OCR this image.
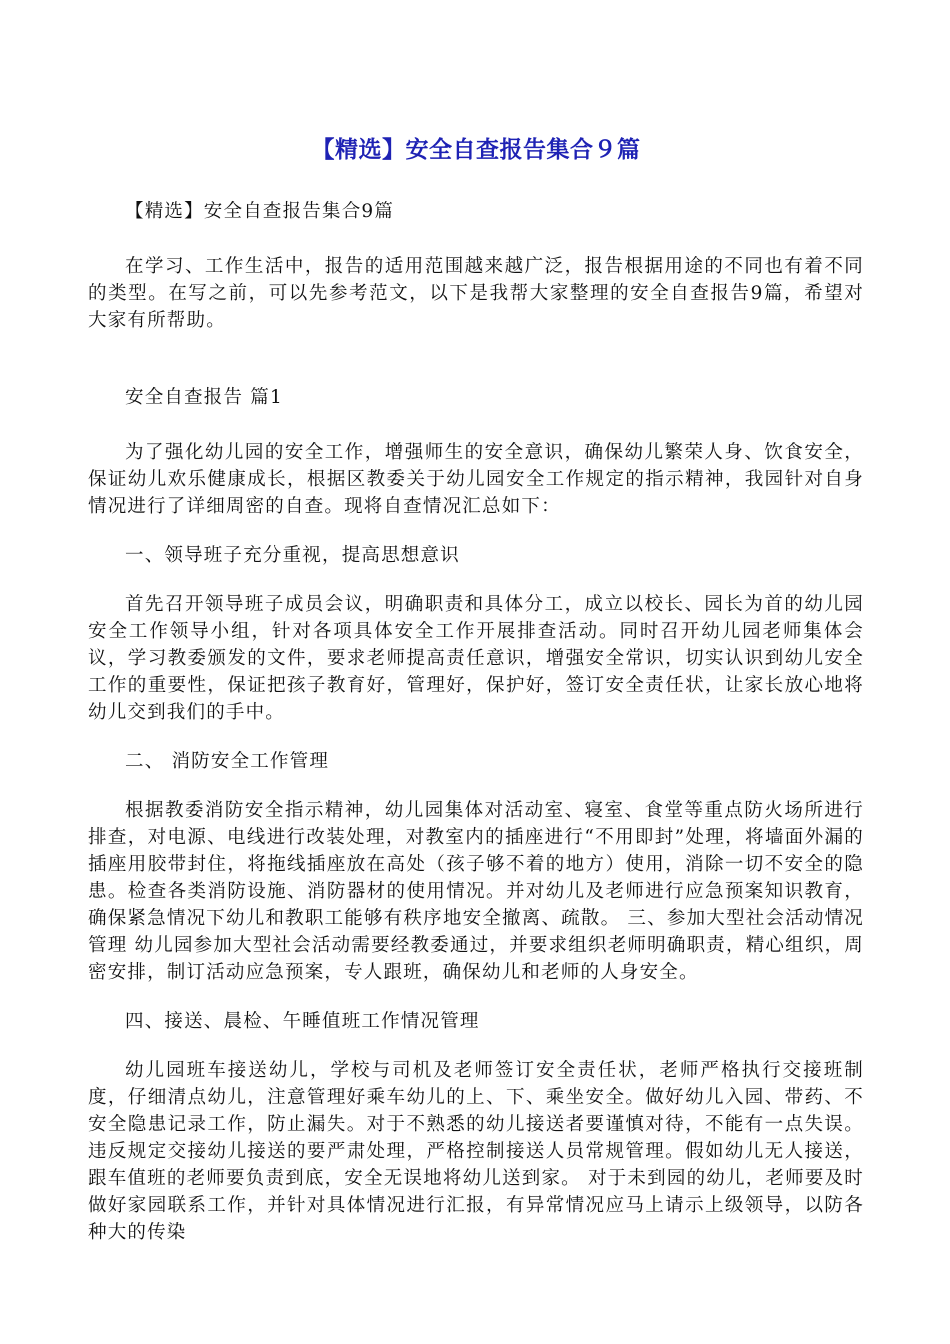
【精选】安全自查报告集合９篇

【精选】安全自查报告集合9篇

在学习、工作生活中，报告的适用范围越来越广泛，报告根据用途的不同也有着不同的类型。在写之前，可以先参考范文，以下是我帮大家整理的安全自查报告9篇，希望对大家有所帮助。

安全自查报告 篇1

为了强化幼儿园的安全工作，增强师生的安全意识，确保幼儿繁荣人身、饮食安全，保证幼儿欢乐健康成长，根据区教委关于幼儿园安全工作规定的指示精神，我园针对自身情况进行了详细周密的自查。现将自查情况汇总如下：

一、领导班子充分重视，提高思想意识

首先召开领导班子成员会议，明确职责和具体分工，成立以校长、园长为首的幼儿园安全工作领导小组，针对各项具体安全工作开展排查活动。同时召开幼儿园老师集体会议，学习教委颁发的文件，要求老师提高责任意识，增强安全常识，切实认识到幼儿安全工作的重要性，保证把孩子教育好，管理好，保护好，签订安全责任状，让家长放心地将幼儿交到我们的手中。

二、 消防安全工作管理

根据教委消防安全指示精神，幼儿园集体对活动室、寝室、食堂等重点防火场所进行排查，对电源、电线进行改装处理，对教室内的插座进行“不用即封”处理，将墙面外漏的插座用胶带封住，将拖线插座放在高处（孩子够不着的地方）使用，消除一切不安全的隐患。检查各类消防设施、消防器材的使用情况。并对幼儿及老师进行应急预案知识教育，确保紧急情况下幼儿和教职工能够有秩序地安全撤离、疏散。 三、参加大型社会活动情况管理 幼儿园参加大型社会活动需要经教委通过，并要求组织老师明确职责，精心组织，周密安排，制订活动应急预案，专人跟班，确保幼儿和老师的人身安全。

四、接送、晨检、午睡值班工作情况管理

幼儿园班车接送幼儿，学校与司机及老师签订安全责任状，老师严格执行交接班制度，仔细清点幼儿，注意管理好乘车幼儿的上、下、乘坐安全。做好幼儿入园、带药、不安全隐患记录工作，防止漏失。对于不熟悉的幼儿接送者要谨慎对待，不能有一点失误。违反规定交接幼儿接送的要严肃处理，严格控制接送人员常规管理。假如幼儿无人接送，跟车值班的老师要负责到底，安全无误地将幼儿送到家。 对于未到园的幼儿，老师要及时做好家园联系工作，并针对具体情况进行汇报，有异常情况应马上请示上级领导，以防各种大的传染
